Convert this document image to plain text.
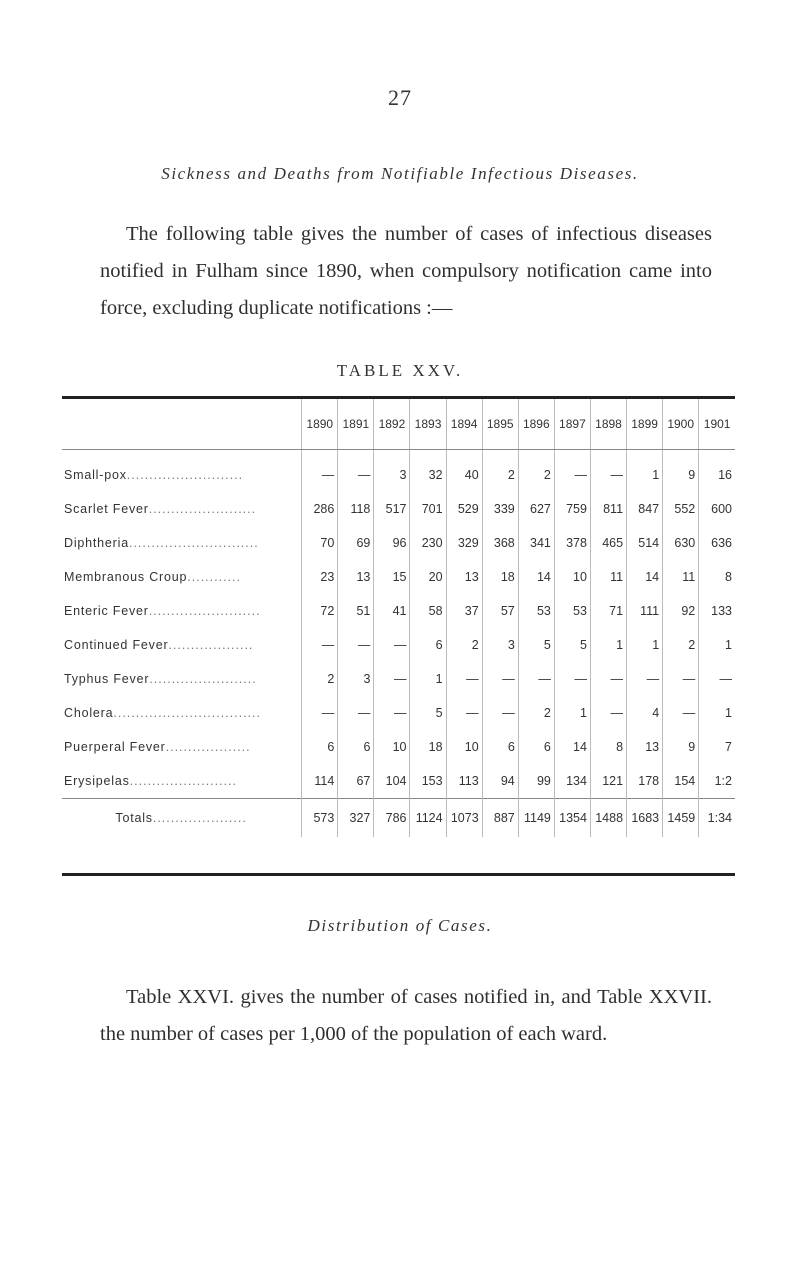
27
Sickness and Deaths from Notifiable Infectious Diseases.

The following table gives the number of cases of infectious diseases notified in Fulham since 1890, when compulsory notification came into force, excluding duplicate notifications :—

TABLE XXV.
	1890	1891	1892	1893	1894	1895	1896	1897	1898	1899	1900	1901
Small-pox..........................	—	—	3	32	40	2	2	—	—	1	9	16
Scarlet Fever........................	286	118	517	701	529	339	627	759	811	847	552	600
Diphtheria.............................	70	69	96	230	329	368	341	378	465	514	630	636
Membranous Croup............	23	13	15	20	13	18	14	10	11	14	11	8
Enteric Fever.........................	72	51	41	58	37	57	53	53	71	111	92	133
Continued Fever...................	—	—	—	6	2	3	5	5	1	1	2	1
Typhus Fever........................	2	3	—	1	—	—	—	—	—	—	—	—
Cholera.................................	—	—	—	5	—	—	2	1	—	4	—	1
Puerperal Fever...................	6	6	10	18	10	6	6	14	8	13	9	7
Erysipelas........................	114	67	104	153	113	94	99	134	121	178	154	1:2
Totals.....................	573	327	786	1124	1073	887	1149	1354	1488	1683	1459	1:34
Distribution of Cases.

Table XXVI. gives the number of cases notified in, and Table XXVII. the number of cases per 1,000 of the population of each ward.
